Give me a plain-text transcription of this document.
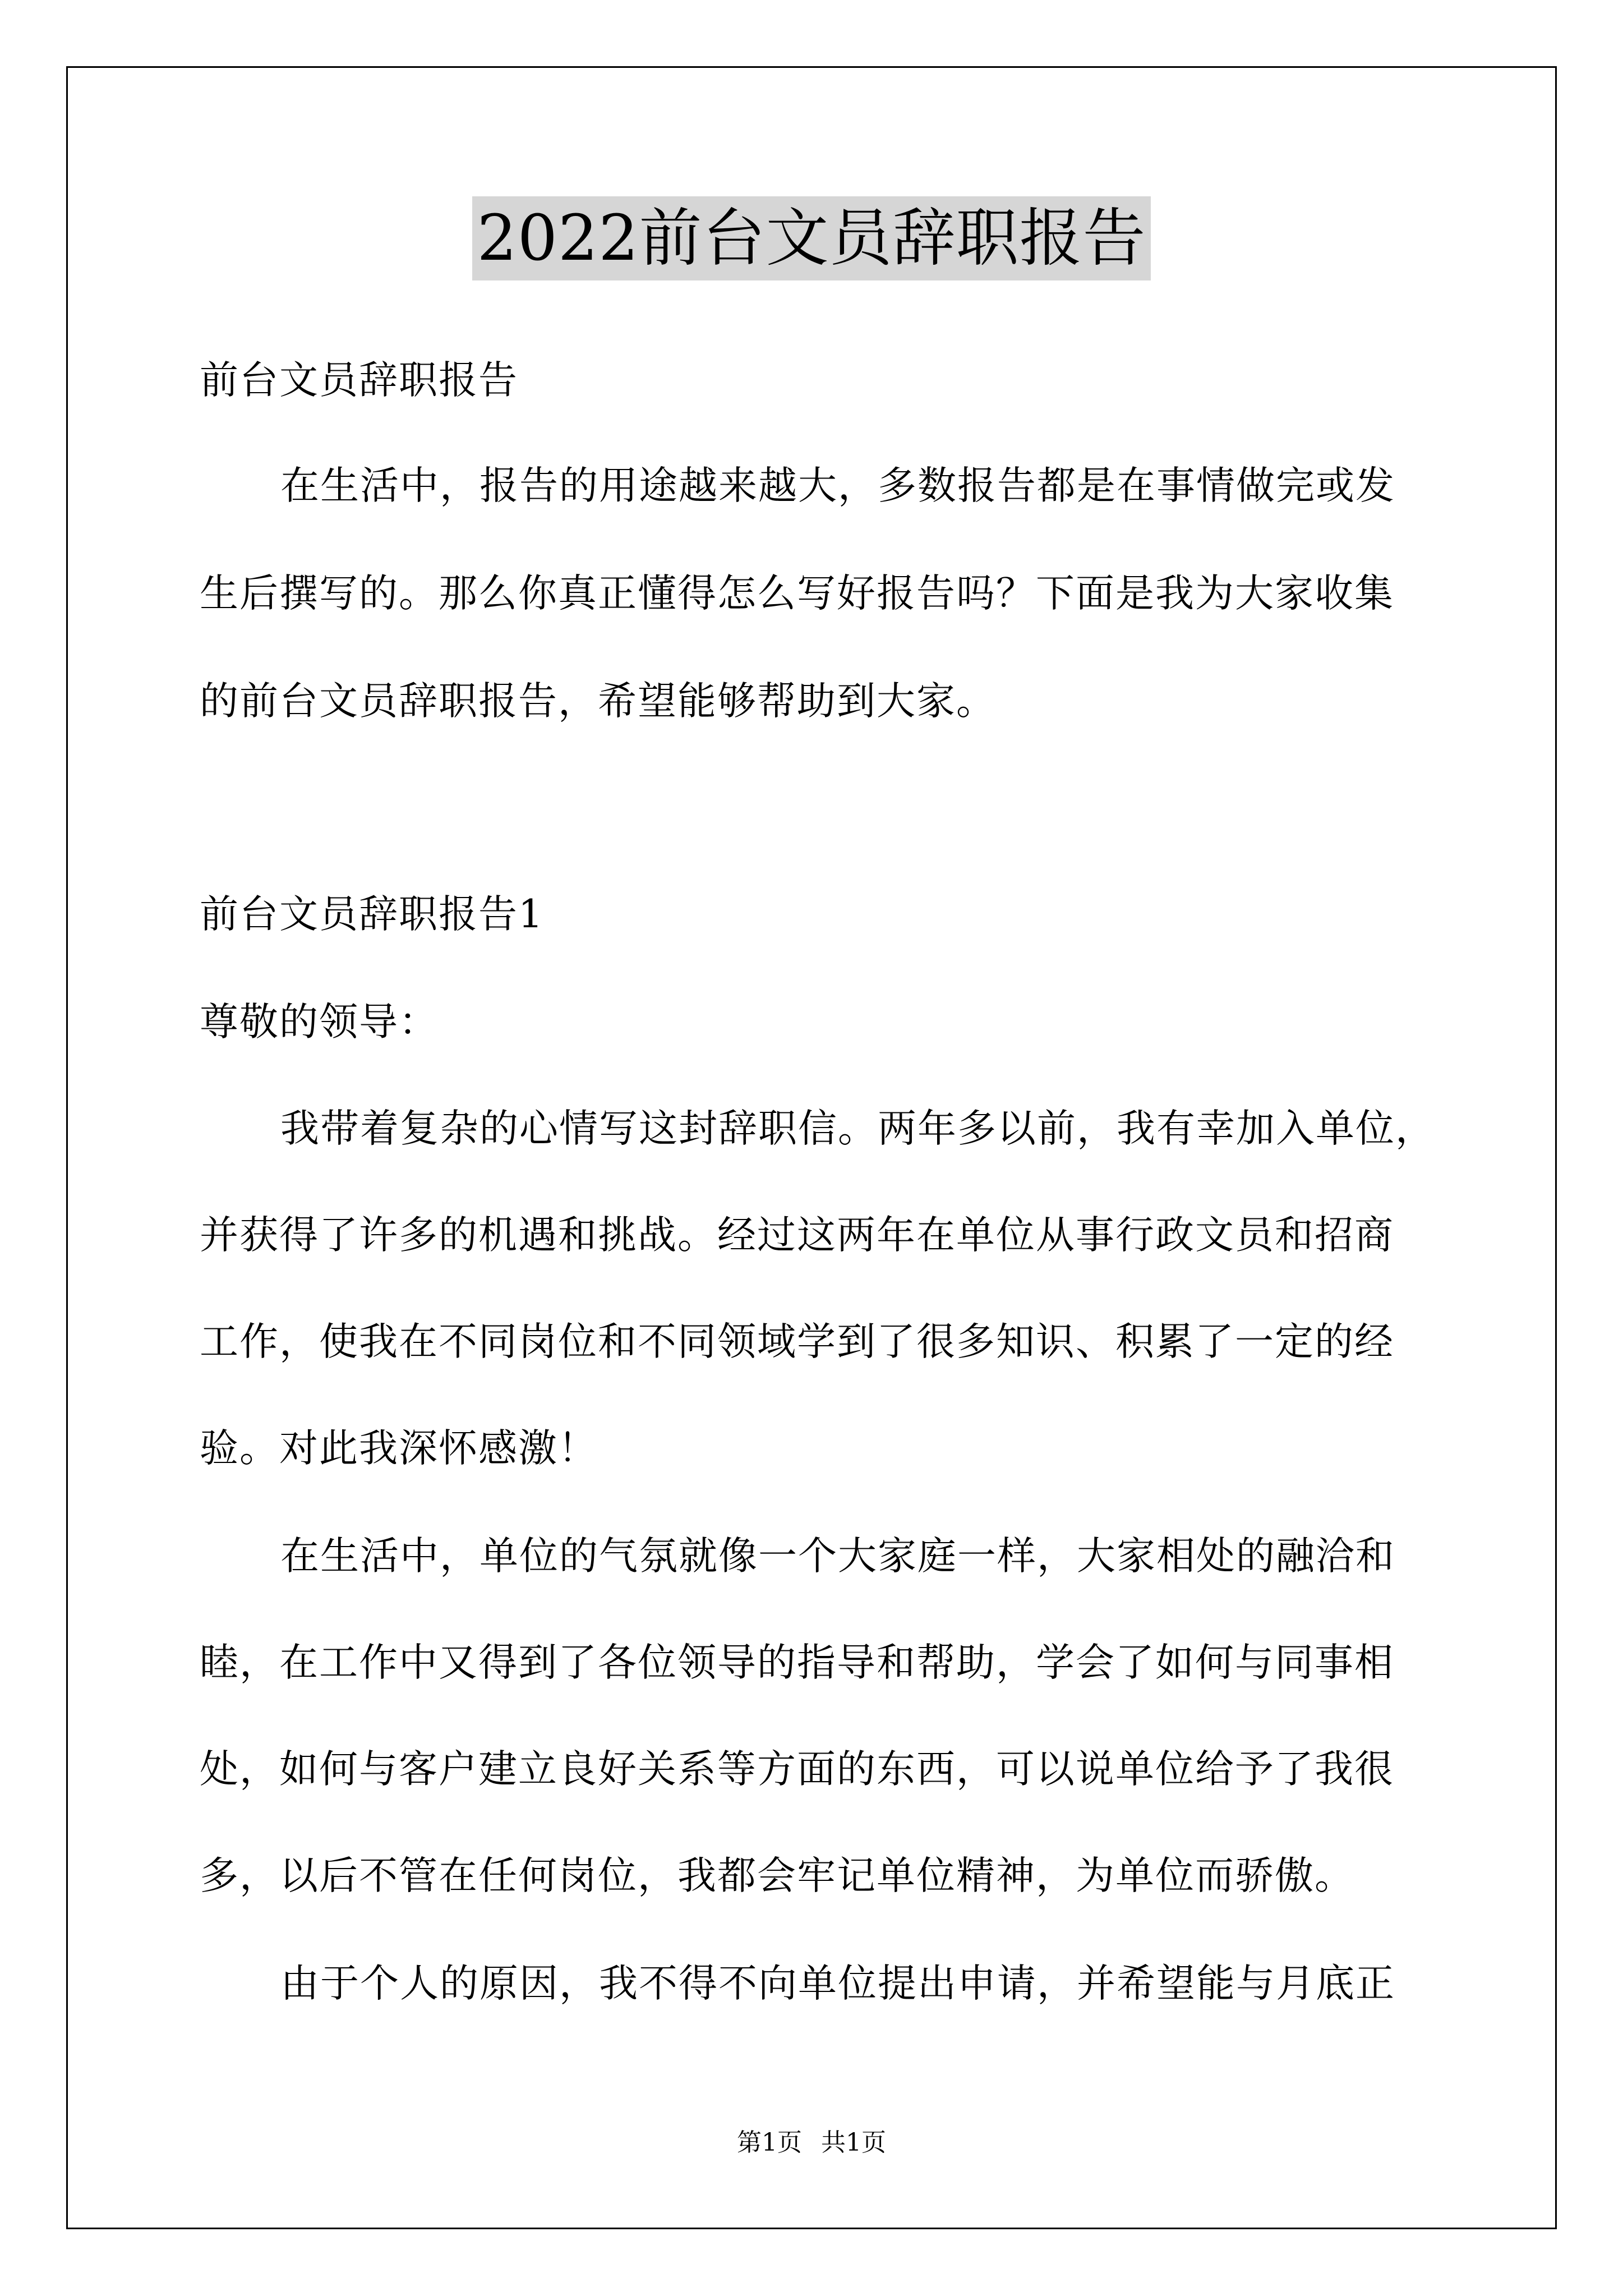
2022前台文员辞职报告
前台文员辞职报告
在生活中，报告的用途越来越大，多数报告都是在事情做完或发
生后撰写的。那么你真正懂得怎么写好报告吗？下面是我为大家收集
的前台文员辞职报告，希望能够帮助到大家。
前台文员辞职报告1
尊敬的领导：
我带着复杂的心情写这封辞职信。两年多以前，我有幸加入单位，
并获得了许多的机遇和挑战。经过这两年在单位从事行政文员和招商
工作，使我在不同岗位和不同领域学到了很多知识、积累了一定的经
验。对此我深怀感激！
在生活中，单位的气氛就像一个大家庭一样，大家相处的融洽和
睦，在工作中又得到了各位领导的指导和帮助，学会了如何与同事相
处，如何与客户建立良好关系等方面的东西，可以说单位给予了我很
多，以后不管在任何岗位，我都会牢记单位精神，为单位而骄傲。
由于个人的原因，我不得不向单位提出申请，并希望能与月底正
第1页 共1页
